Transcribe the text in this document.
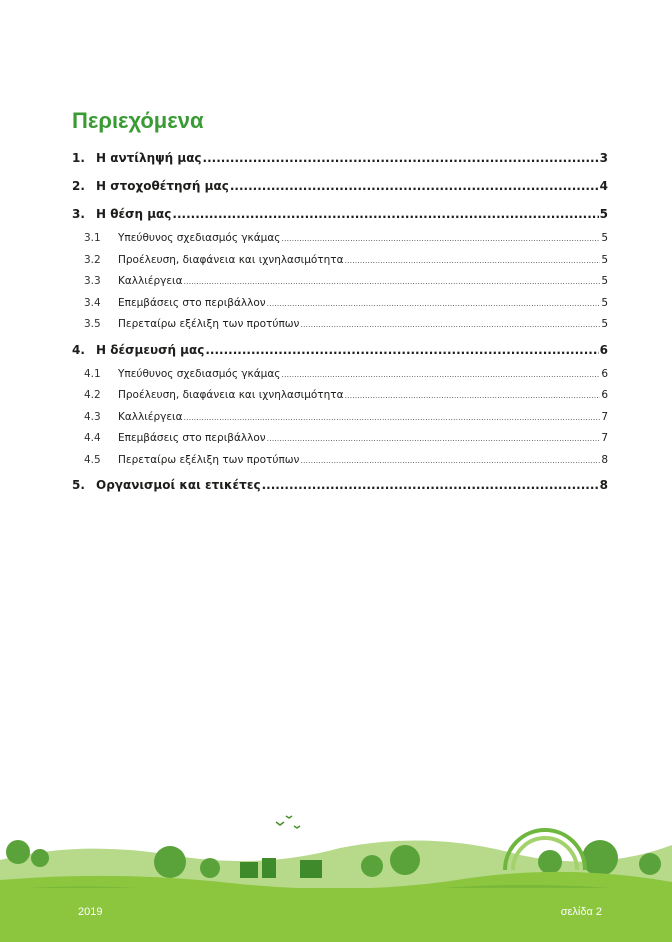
Περιεχόμενα
1. Η αντίληψή μας .....	3
2. Η στοχοθέτησή μας .....	4
3. Η θέση μας .....	5
3.1	Υπεύθυνος σχεδιασμός γκάμας .....	5
3.2	Προέλευση, διαφάνεια και ιχνηλασιμότητα .....	5
3.3	Καλλιέργεια .....	5
3.4	Επεμβάσεις στο περιβάλλον .....	5
3.5	Περεταίρω εξέλιξη των προτύπων .....	5
4. Η δέσμευσή μας .....	6
4.1	Υπεύθυνος σχεδιασμός γκάμας .....	6
4.2	Προέλευση, διαφάνεια και ιχνηλασιμότητα .....	6
4.3	Καλλιέργεια .....	7
4.4	Επεμβάσεις στο περιβάλλον .....	7
4.5	Περεταίρω εξέλιξη των προτύπων .....	8
5. Οργανισμοί και ετικέτες .....	8
2019	σελίδα 2
